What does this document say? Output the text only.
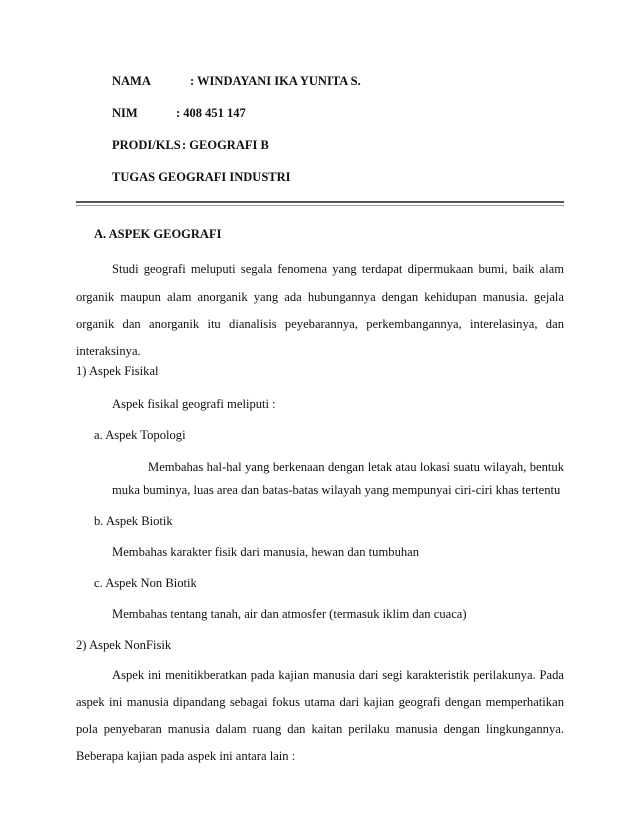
NAMA	: WINDAYANI IKA YUNITA S.
NIM	: 408 451 147
PRODI/KLS : GEOGRAFI B
TUGAS GEOGRAFI INDUSTRI
A. ASPEK GEOGRAFI
Studi geografi meluputi segala fenomena yang terdapat dipermukaan bumi, baik alam
organik maupun alam anorganik yang ada hubungannya dengan kehidupan manusia. gejala
organik dan anorganik itu dianalisis peyebarannya, perkembangannya, interelasinya, dan
interaksinya.
1) Aspek Fisikal
Aspek fisikal geografi meliputi :
a. Aspek Topologi
Membahas hal-hal yang berkenaan dengan letak atau lokasi suatu wilayah, bentuk
muka buminya, luas area dan batas-batas wilayah yang mempunyai ciri-ciri khas tertentu
b. Aspek Biotik
Membahas karakter fisik dari manusia, hewan dan tumbuhan
c. Aspek Non Biotik
Membahas tentang tanah, air dan atmosfer (termasuk iklim dan cuaca)
2) Aspek NonFisik
Aspek ini menitikberatkan pada kajian manusia dari segi karakteristik perilakunya. Pada
aspek ini manusia dipandang sebagai fokus utama dari kajian geografi dengan memperhatikan
pola penyebaran manusia dalam ruang dan kaitan perilaku manusia dengan lingkungannya.
Beberapa kajian pada aspek ini antara lain :
